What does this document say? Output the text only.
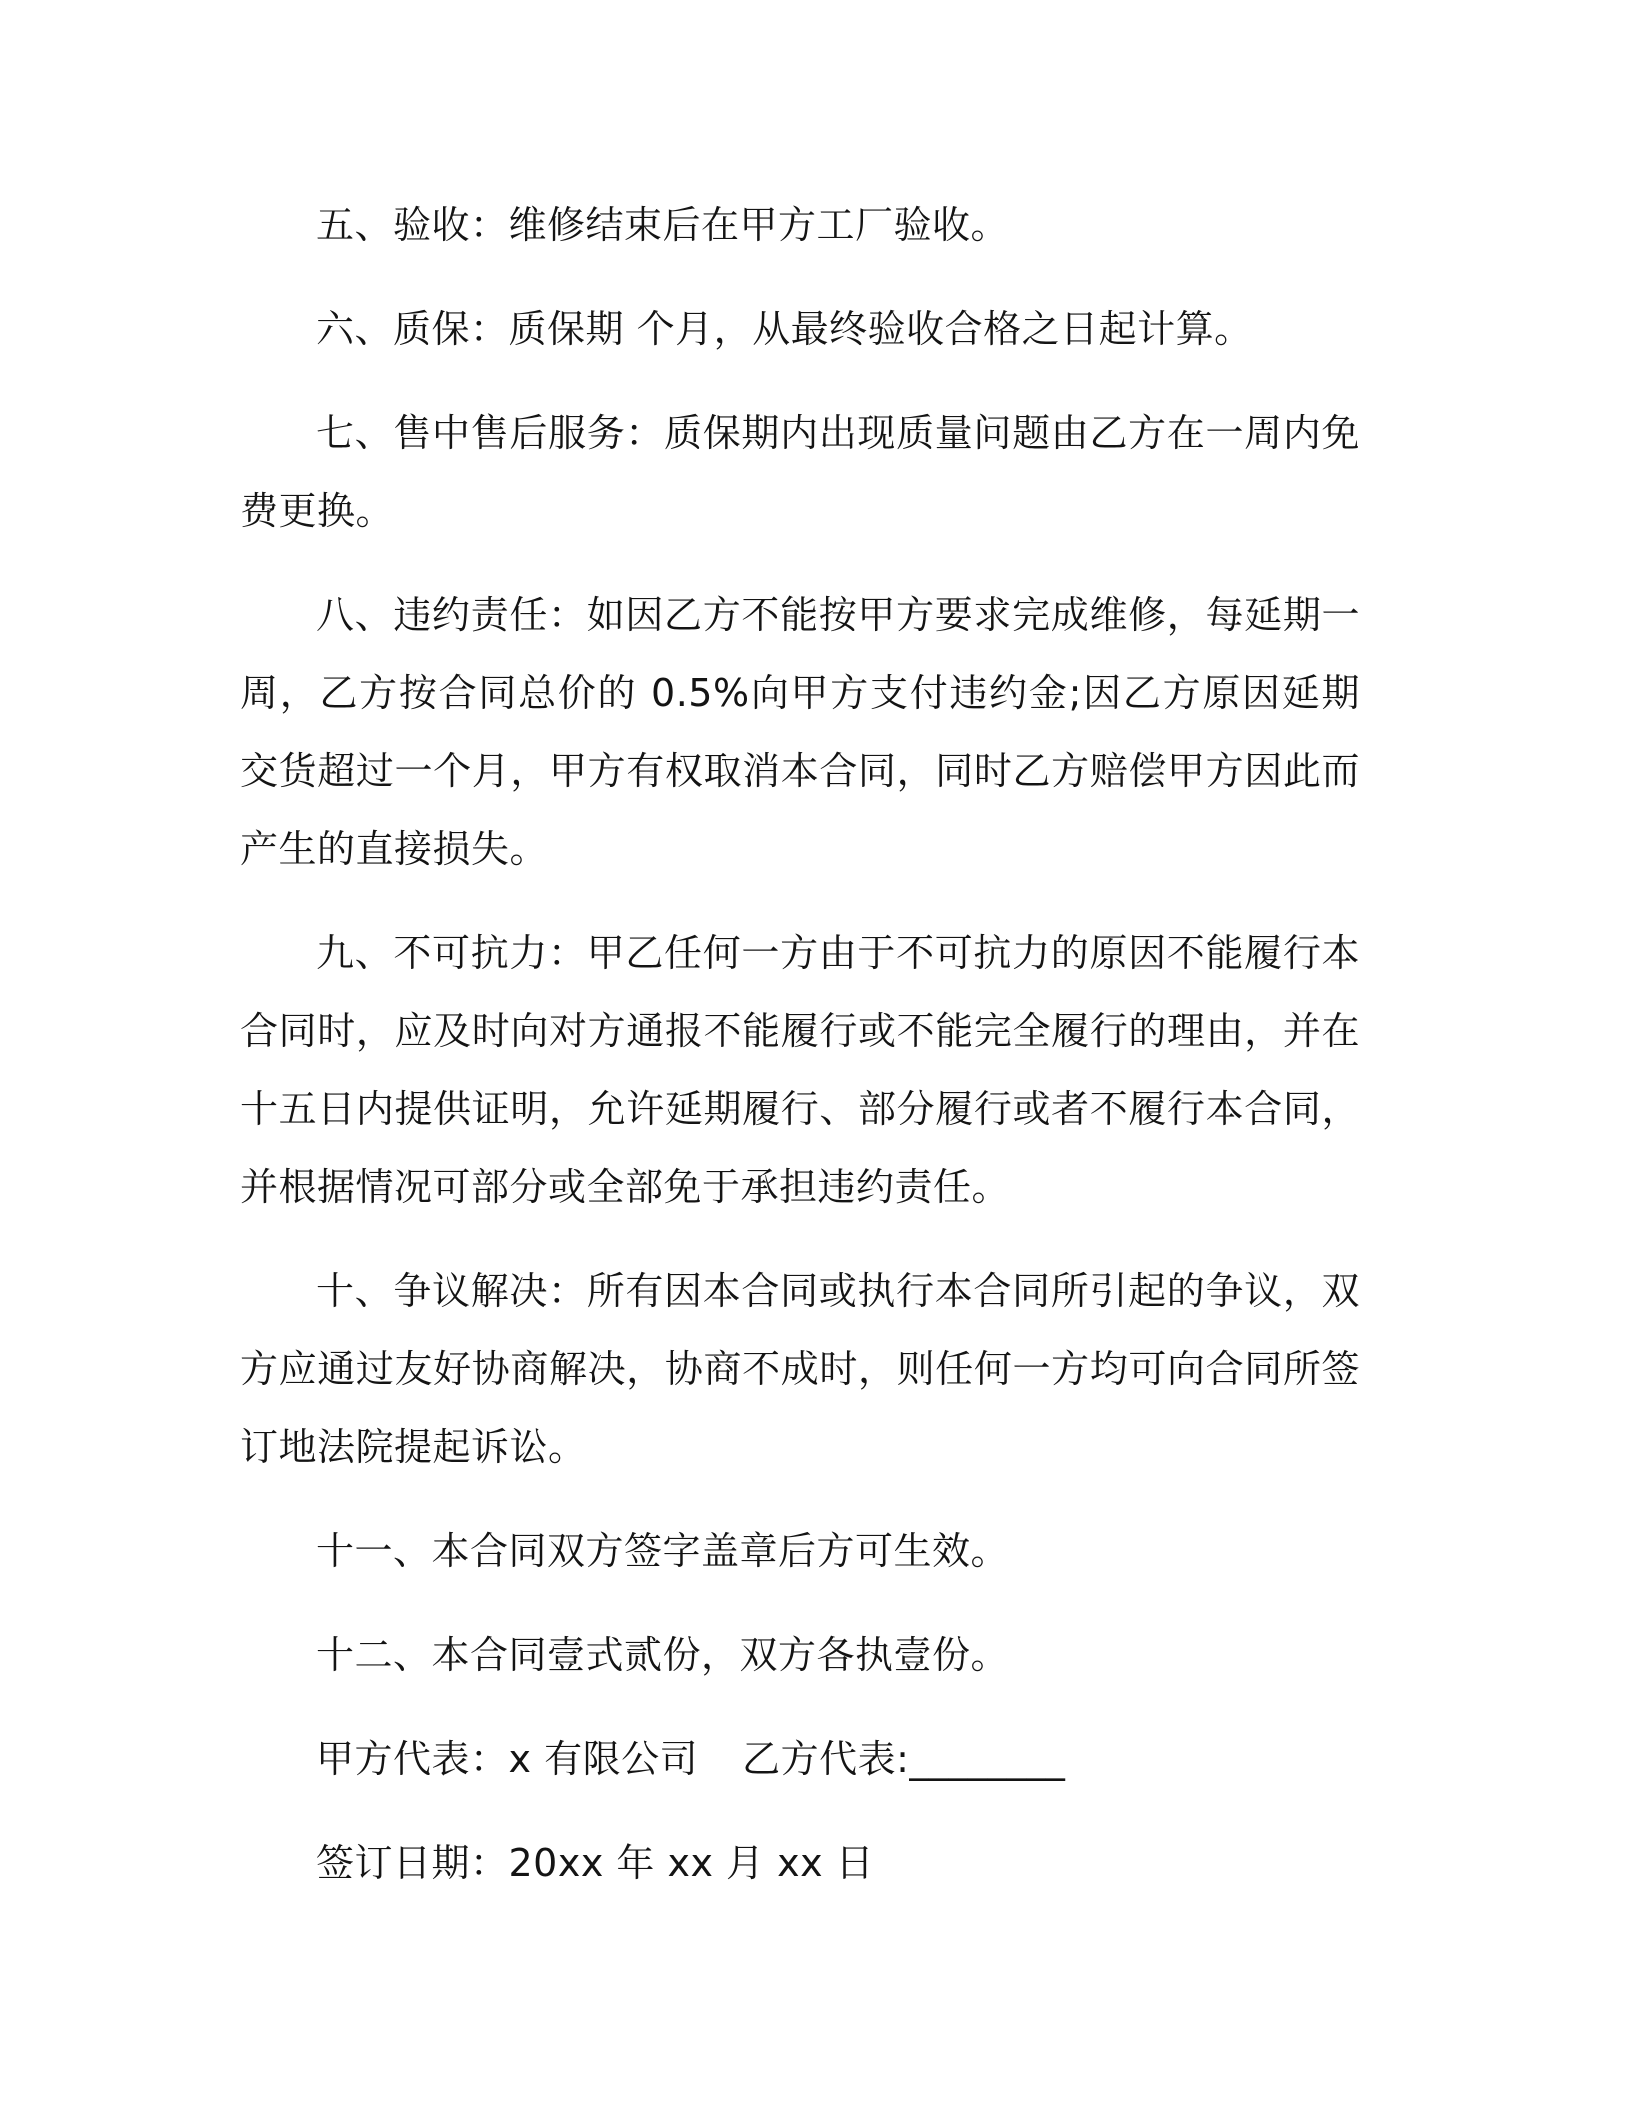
五、验收：维修结束后在甲方工厂验收。

六、质保：质保期 个月，从最终验收合格之日起计算。

七、售中售后服务：质保期内出现质量问题由乙方在一周内免费更换。

八、违约责任：如因乙方不能按甲方要求完成维修，每延期一周，乙方按合同总价的 0.5%向甲方支付违约金;因乙方原因延期交货超过一个月，甲方有权取消本合同，同时乙方赔偿甲方因此而产生的直接损失。

九、不可抗力：甲乙任何一方由于不可抗力的原因不能履行本合同时，应及时向对方通报不能履行或不能完全履行的理由，并在十五日内提供证明，允许延期履行、部分履行或者不履行本合同，并根据情况可部分或全部免于承担违约责任。

十、争议解决：所有因本合同或执行本合同所引起的争议，双方应通过友好协商解决，协商不成时，则任何一方均可向合同所签订地法院提起诉讼。

十一、本合同双方签字盖章后方可生效。

十二、本合同壹式贰份，双方各执壹份。

甲方代表：x 有限公司 乙方代表:________
签订日期：20xx 年 xx 月 xx 日
